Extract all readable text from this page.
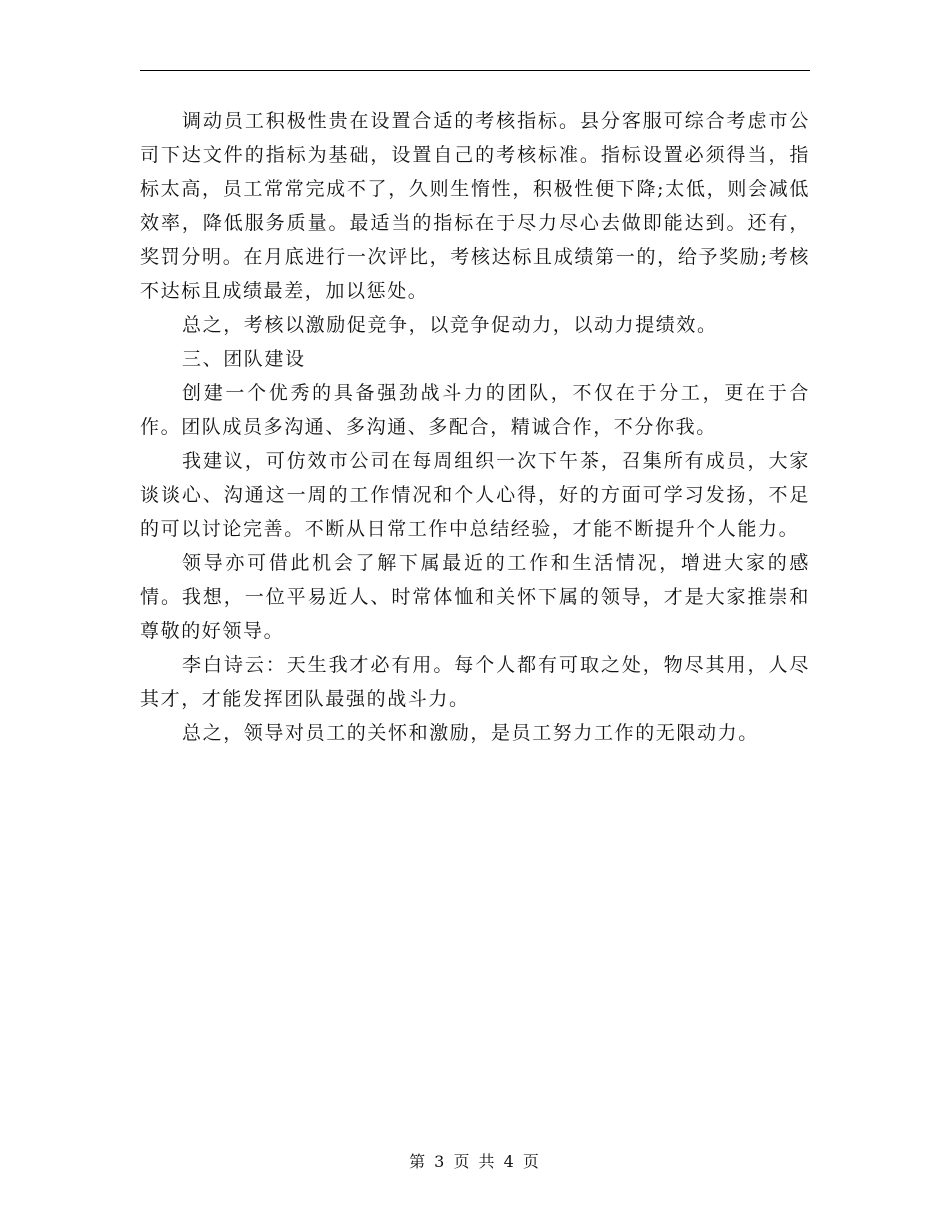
调动员工积极性贵在设置合适的考核指标。县分客服可综合考虑市公司下达文件的指标为基础，设置自己的考核标准。指标设置必须得当，指标太高，员工常常完成不了，久则生惰性，积极性便下降;太低，则会减低效率，降低服务质量。最适当的指标在于尽力尽心去做即能达到。还有，奖罚分明。在月底进行一次评比，考核达标且成绩第一的，给予奖励;考核不达标且成绩最差，加以惩处。

总之，考核以激励促竞争，以竞争促动力，以动力提绩效。

三、团队建设

创建一个优秀的具备强劲战斗力的团队，不仅在于分工，更在于合作。团队成员多沟通、多沟通、多配合，精诚合作，不分你我。

我建议，可仿效市公司在每周组织一次下午茶，召集所有成员，大家谈谈心、沟通这一周的工作情况和个人心得，好的方面可学习发扬，不足的可以讨论完善。不断从日常工作中总结经验，才能不断提升个人能力。

领导亦可借此机会了解下属最近的工作和生活情况，增进大家的感情。我想，一位平易近人、时常体恤和关怀下属的领导，才是大家推崇和尊敬的好领导。

李白诗云：天生我才必有用。每个人都有可取之处，物尽其用，人尽其才，才能发挥团队最强的战斗力。

总之，领导对员工的关怀和激励，是员工努力工作的无限动力。

第 3 页 共 4 页
